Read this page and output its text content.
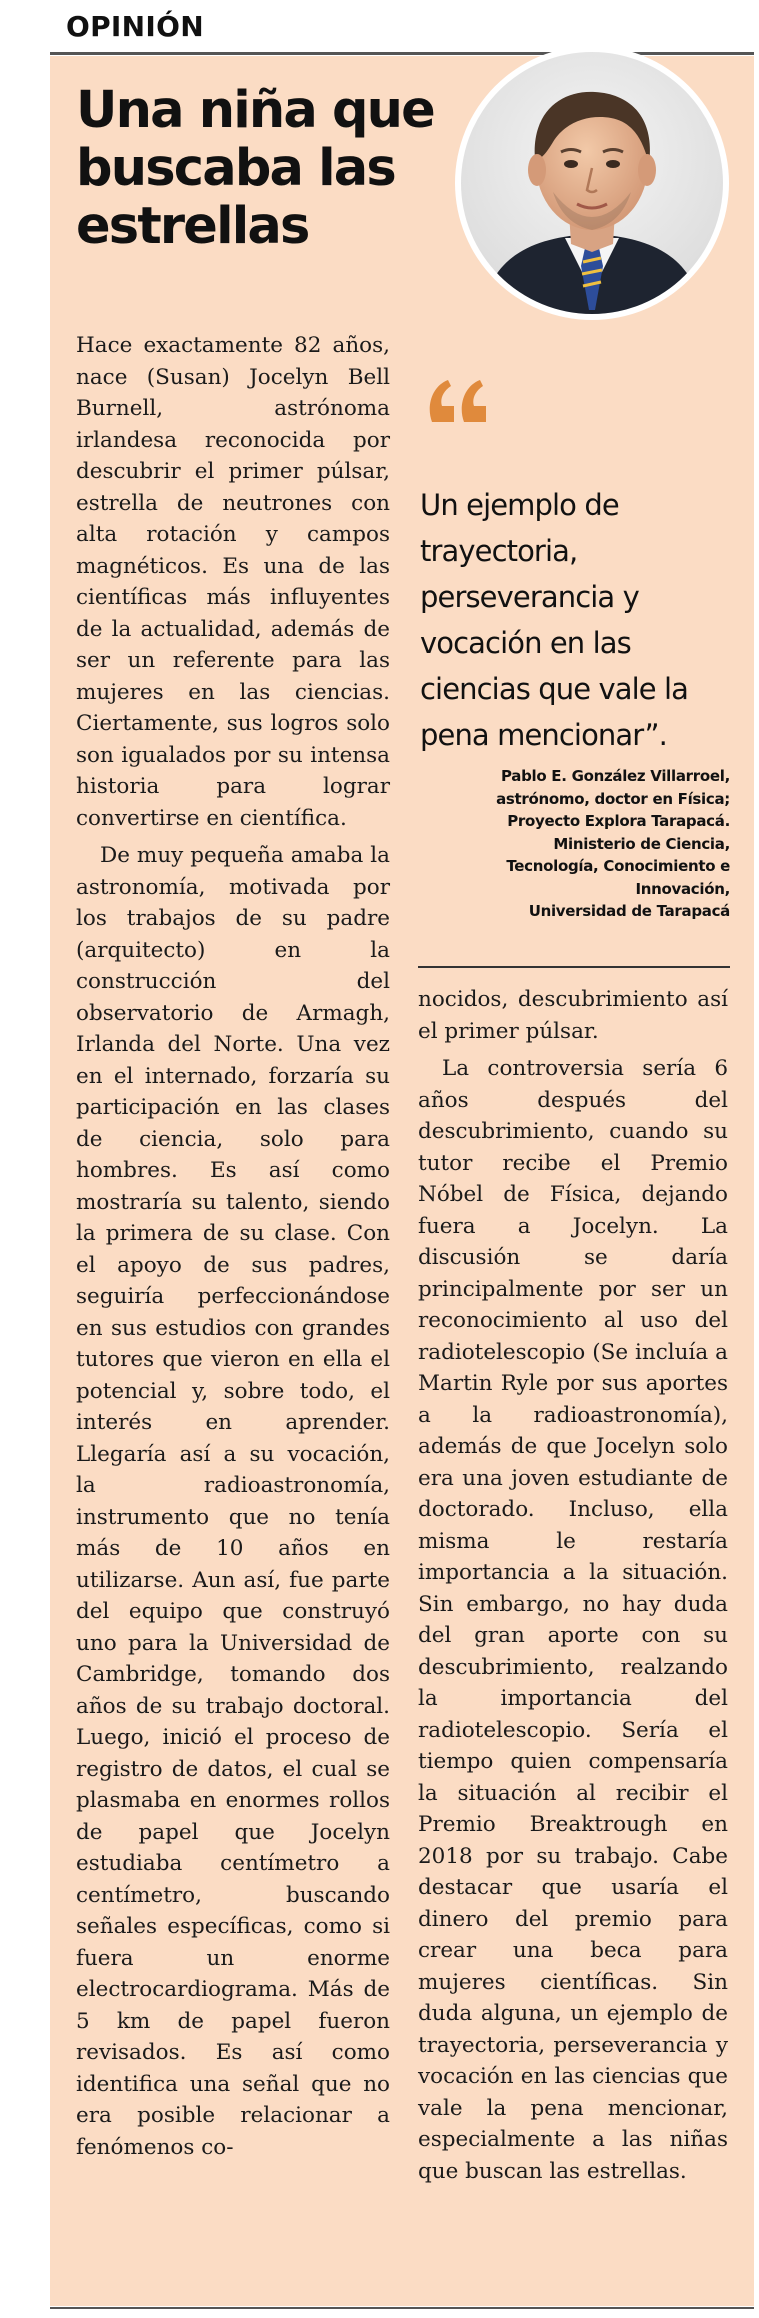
OPINIÓN
Una niña que buscaba las estrellas

Hace exactamente 82 años, nace (Susan) Jocelyn Bell Burnell, astrónoma irlandesa reconocida por descubrir el primer púlsar, estrella de neutrones con alta rotación y campos magnéticos. Es una de las científicas más influyentes de la actualidad, además de ser un referente para las mujeres en las ciencias. Ciertamente, sus logros solo son igualados por su intensa historia para lograr convertirse en científica.

De muy pequeña amaba la astronomía, motivada por los trabajos de su padre (arquitecto) en la construcción del observatorio de Armagh, Irlanda del Norte. Una vez en el internado, forzaría su participación en las clases de ciencia, solo para hombres. Es así como mostraría su talento, siendo la primera de su clase. Con el apoyo de sus padres, seguiría perfeccionándose en sus estudios con grandes tutores que vieron en ella el potencial y, sobre todo, el interés en aprender. Llegaría así a su vocación, la radioastronomía, instrumento que no tenía más de 10 años en utilizarse. Aun así, fue parte del equipo que construyó uno para la Universidad de Cambridge, tomando dos años de su trabajo doctoral. Luego, inició el proceso de registro de datos, el cual se plasmaba en enormes rollos de papel que Jocelyn estudiaba centímetro a centímetro, buscando señales específicas, como si fuera un enorme electrocardiograma. Más de 5 km de papel fueron revisados. Es así como identifica una señal que no era posible relacionar a fenómenos co-

Un ejemplo de trayectoria, perseverancia y vocación en las ciencias que vale la pena mencionar”.

Pablo E. González Villarroel,
astrónomo, doctor en Física;
Proyecto Explora Tarapacá.
Ministerio de Ciencia,
Tecnología, Conocimiento e
Innovación,
Universidad de Tarapacá

nocidos, descubrimiento así el primer púlsar.

La controversia sería 6 años después del descubrimiento, cuando su tutor recibe el Premio Nóbel de Física, dejando fuera a Jocelyn. La discusión se daría principalmente por ser un reconocimiento al uso del radiotelescopio (Se incluía a Martin Ryle por sus aportes a la radioastronomía), además de que Jocelyn solo era una joven estudiante de doctorado. Incluso, ella misma le restaría importancia a la situación. Sin embargo, no hay duda del gran aporte con su descubrimiento, realzando la importancia del radiotelescopio. Sería el tiempo quien compensaría la situación al recibir el Premio Breaktrough en 2018 por su trabajo. Cabe destacar que usaría el dinero del premio para crear una beca para mujeres científicas. Sin duda alguna, un ejemplo de trayectoria, perseverancia y vocación en las ciencias que vale la pena mencionar, especialmente a las niñas que buscan las estrellas.
